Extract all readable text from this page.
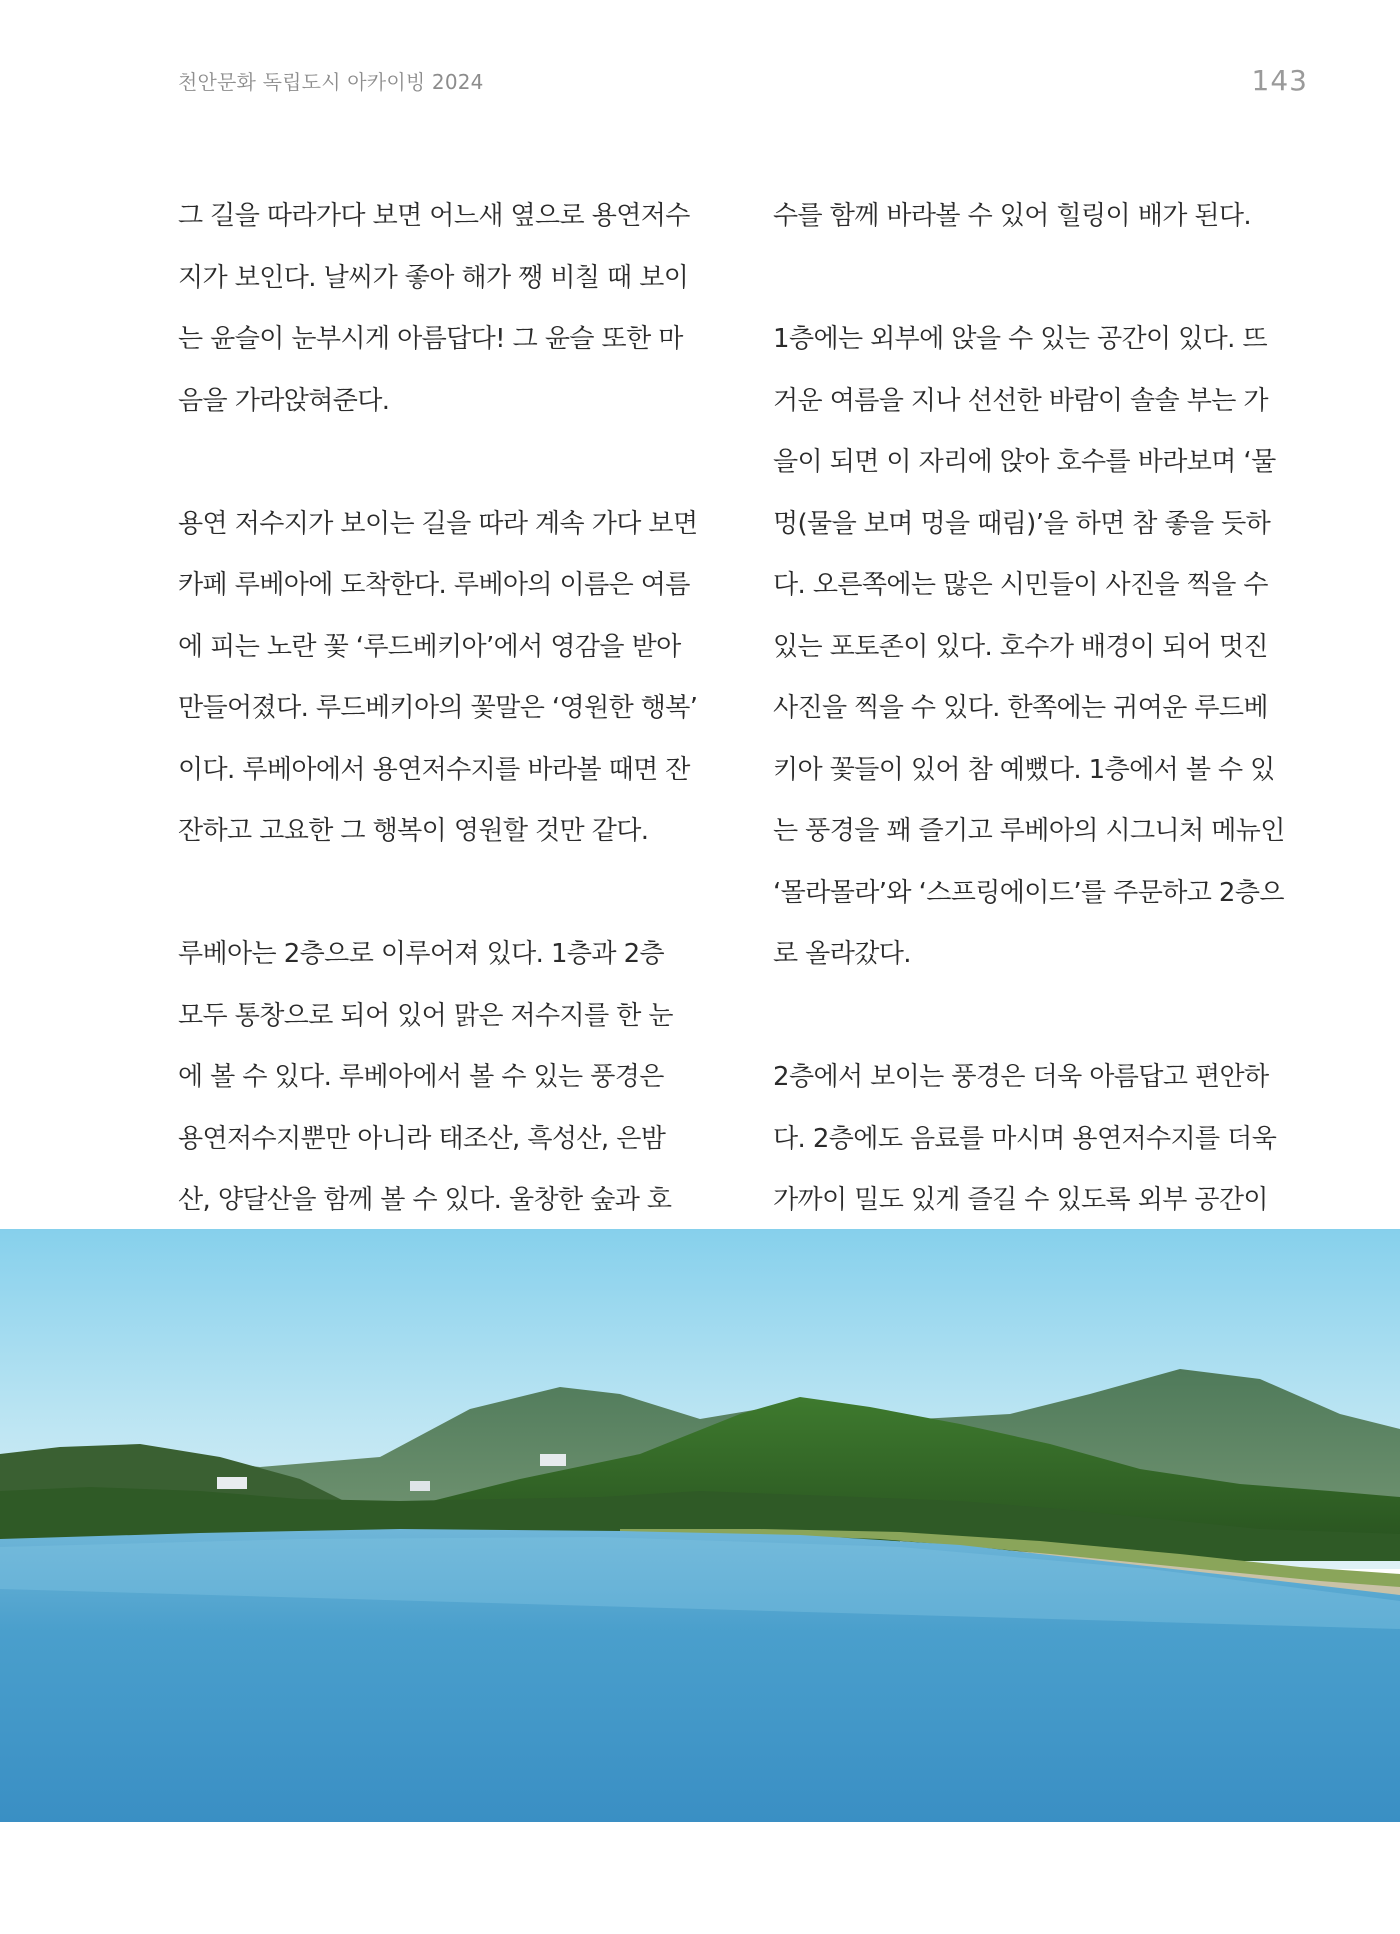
천안문화 독립도시 아카이빙 2024	143
그 길을 따라가다 보면 어느새 옆으로 용연저수
지가 보인다. 날씨가 좋아 해가 쨍 비칠 때 보이
는 윤슬이 눈부시게 아름답다! 그 윤슬 또한 마
음을 가라앉혀준다.
용연 저수지가 보이는 길을 따라 계속 가다 보면
카페 루베아에 도착한다. 루베아의 이름은 여름
에 피는 노란 꽃 ‘루드베키아’에서 영감을 받아
만들어졌다. 루드베키아의 꽃말은 ‘영원한 행복’
이다. 루베아에서 용연저수지를 바라볼 때면 잔
잔하고 고요한 그 행복이 영원할 것만 같다.
루베아는 2층으로 이루어져 있다. 1층과 2층
모두 통창으로 되어 있어 맑은 저수지를 한 눈
에 볼 수 있다. 루베아에서 볼 수 있는 풍경은
용연저수지뿐만 아니라 태조산, 흑성산, 은밤
산, 양달산을 함께 볼 수 있다. 울창한 숲과 호
수를 함께 바라볼 수 있어 힐링이 배가 된다.
1층에는 외부에 앉을 수 있는 공간이 있다. 뜨
거운 여름을 지나 선선한 바람이 솔솔 부는 가
을이 되면 이 자리에 앉아 호수를 바라보며 ‘물
멍(물을 보며 멍을 때림)’을 하면 참 좋을 듯하
다. 오른쪽에는 많은 시민들이 사진을 찍을 수
있는 포토존이 있다. 호수가 배경이 되어 멋진
사진을 찍을 수 있다. 한쪽에는 귀여운 루드베
키아 꽃들이 있어 참 예뻤다. 1층에서 볼 수 있
는 풍경을 꽤 즐기고 루베아의 시그니처 메뉴인
‘몰라몰라’와 ‘스프링에이드’를 주문하고 2층으
로 올라갔다.
2층에서 보이는 풍경은 더욱 아름답고 편안하
다. 2층에도 음료를 마시며 용연저수지를 더욱
가까이 밀도 있게 즐길 수 있도록 외부 공간이
